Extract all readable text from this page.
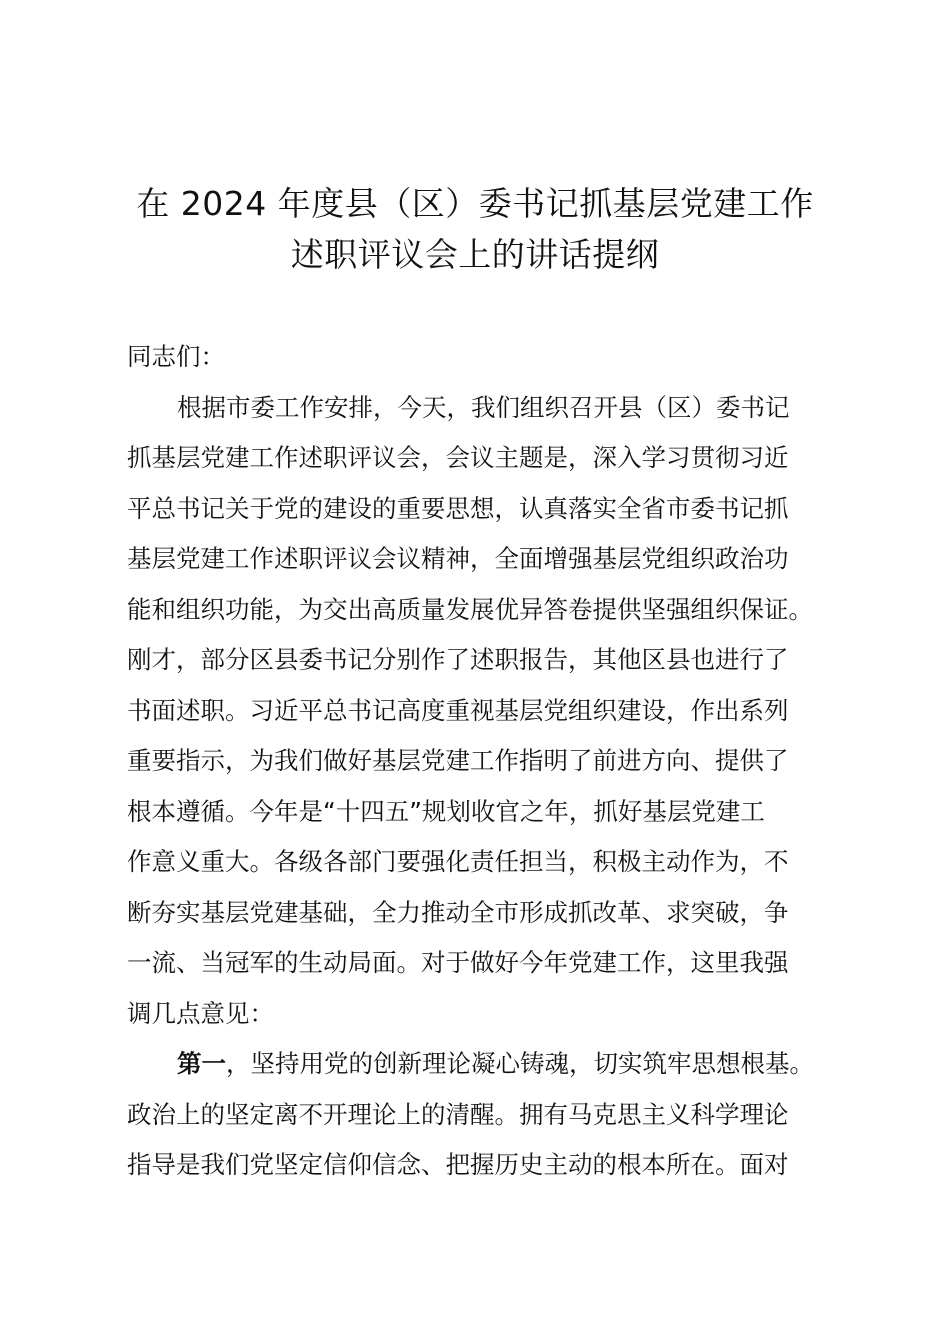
在 2024 年度县（区）委书记抓基层党建工作
述职评议会上的讲话提纲
同志们：
根据市委工作安排，今天，我们组织召开县（区）委书记
抓基层党建工作述职评议会，会议主题是，深入学习贯彻习近
平总书记关于党的建设的重要思想，认真落实全省市委书记抓
基层党建工作述职评议会议精神，全面增强基层党组织政治功
能和组织功能，为交出高质量发展优异答卷提供坚强组织保证。
刚才，部分区县委书记分别作了述职报告，其他区县也进行了
书面述职。习近平总书记高度重视基层党组织建设，作出系列
重要指示，为我们做好基层党建工作指明了前进方向、提供了
根本遵循。今年是“十四五”规划收官之年，抓好基层党建工
作意义重大。各级各部门要强化责任担当，积极主动作为，不
断夯实基层党建基础，全力推动全市形成抓改革、求突破，争
一流、当冠军的生动局面。对于做好今年党建工作，这里我强
调几点意见：
第一，坚持用党的创新理论凝心铸魂，切实筑牢思想根基。
政治上的坚定离不开理论上的清醒。拥有马克思主义科学理论
指导是我们党坚定信仰信念、把握历史主动的根本所在。面对
